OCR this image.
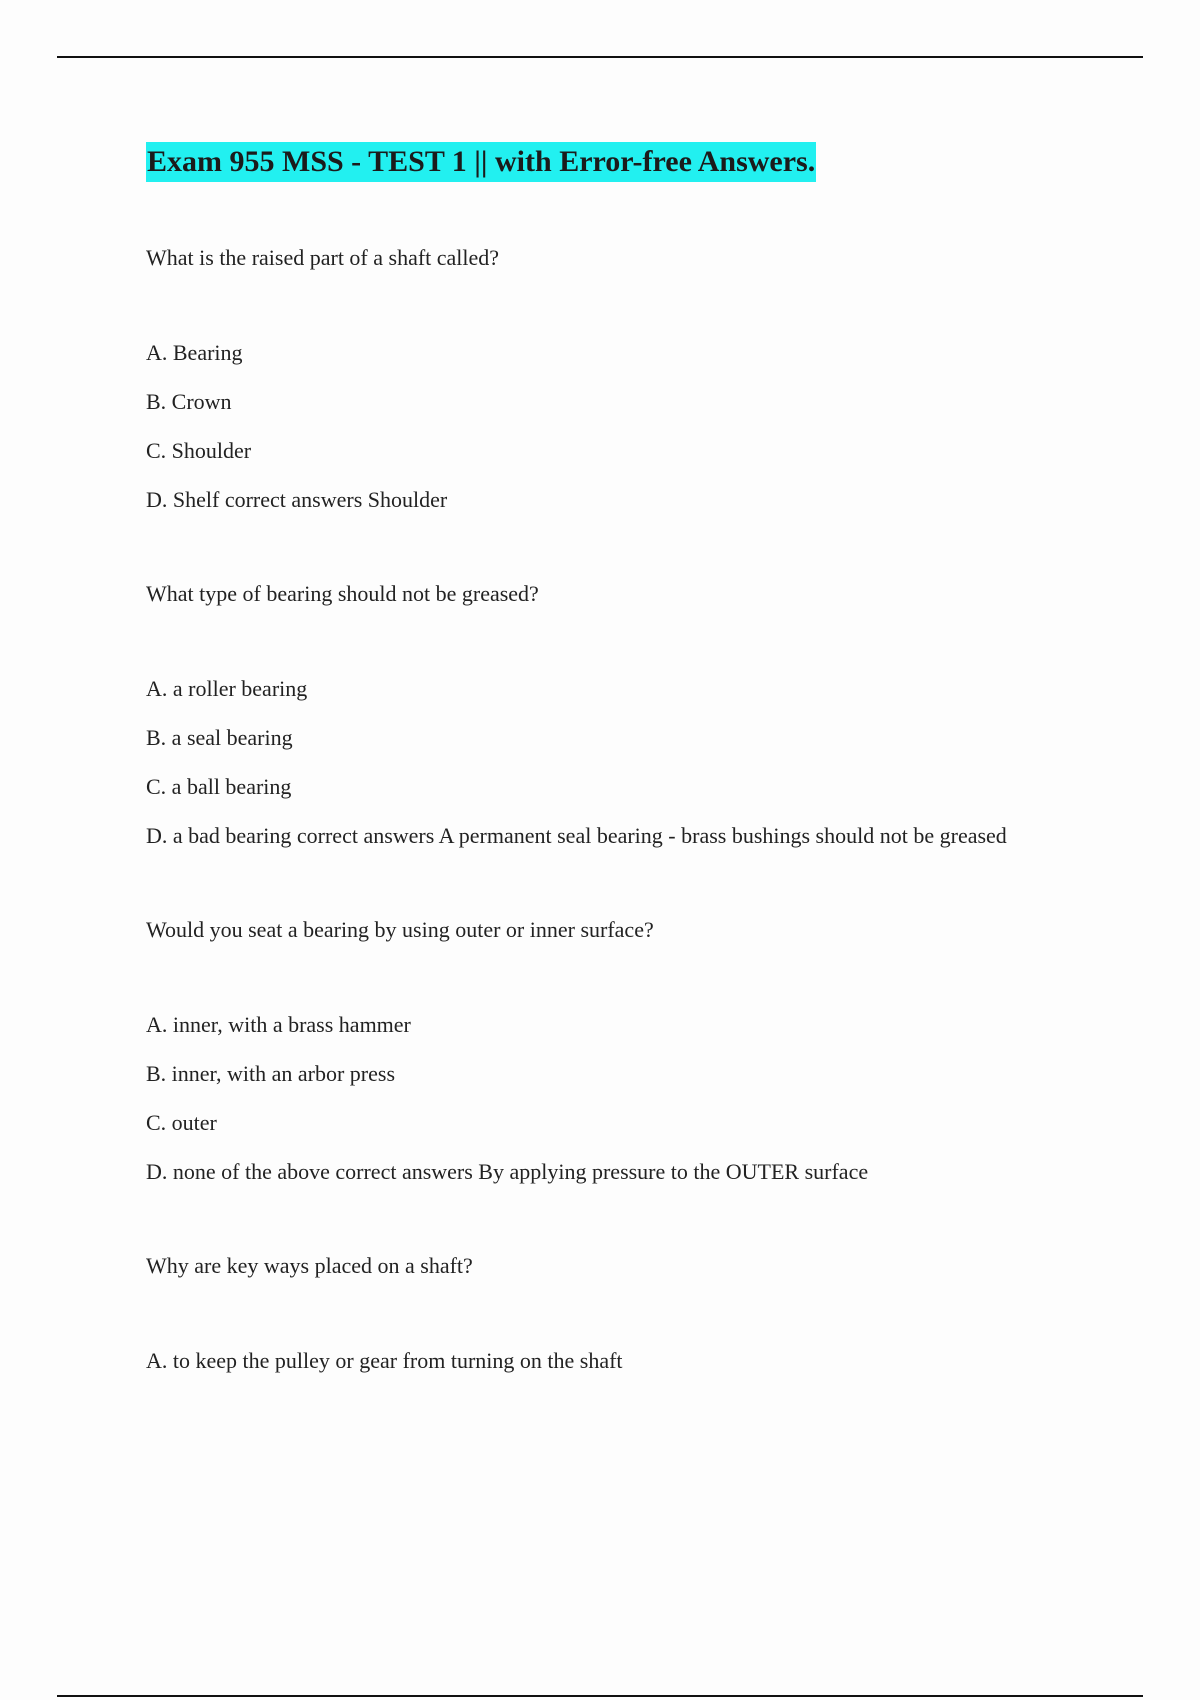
Exam 955 MSS - TEST 1 || with Error-free Answers.

What is the raised part of a shaft called?

A. Bearing
B. Crown
C. Shoulder
D. Shelf correct answers Shoulder

What type of bearing should not be greased?

A. a roller bearing
B. a seal bearing
C. a ball bearing
D. a bad bearing correct answers A permanent seal bearing - brass bushings should not be greased

Would you seat a bearing by using outer or inner surface?

A. inner, with a brass hammer
B. inner, with an arbor press
C. outer
D. none of the above correct answers By applying pressure to the OUTER surface

Why are key ways placed on a shaft?

A. to keep the pulley or gear from turning on the shaft
